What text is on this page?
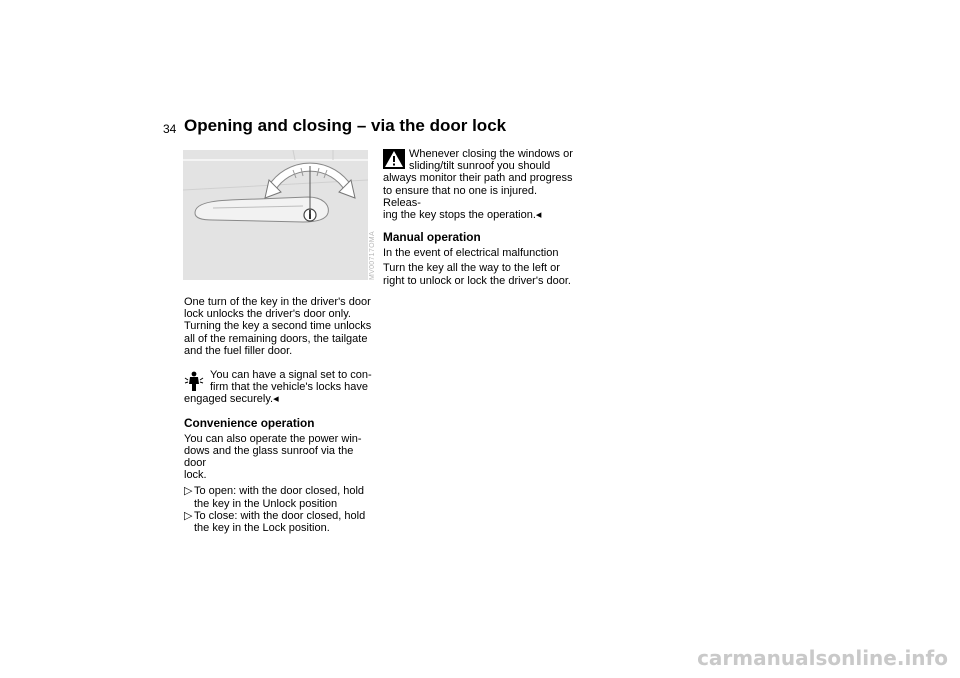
34 Opening and closing – via the door lock
MV00717OMA

One turn of the key in the driver's door
lock unlocks the driver's door only.
Turning the key a second time unlocks
all of the remaining doors, the tailgate
and the fuel filler door.

You can have a signal set to con-
firm that the vehicle's locks have
engaged securely.◂

Convenience operation

You can also operate the power win-
dows and the glass sunroof via the door
lock.

▷ To open: with the door closed, hold
the key in the Unlock position
▷ To close: with the door closed, hold
the key in the Lock position.

Whenever closing the windows or
sliding/tilt sunroof you should
always monitor their path and progress
to ensure that no one is injured. Releas-
ing the key stops the operation.◂

Manual operation

In the event of electrical malfunction

Turn the key all the way to the left or
right to unlock or lock the driver's door.

carmanualsonline.info
